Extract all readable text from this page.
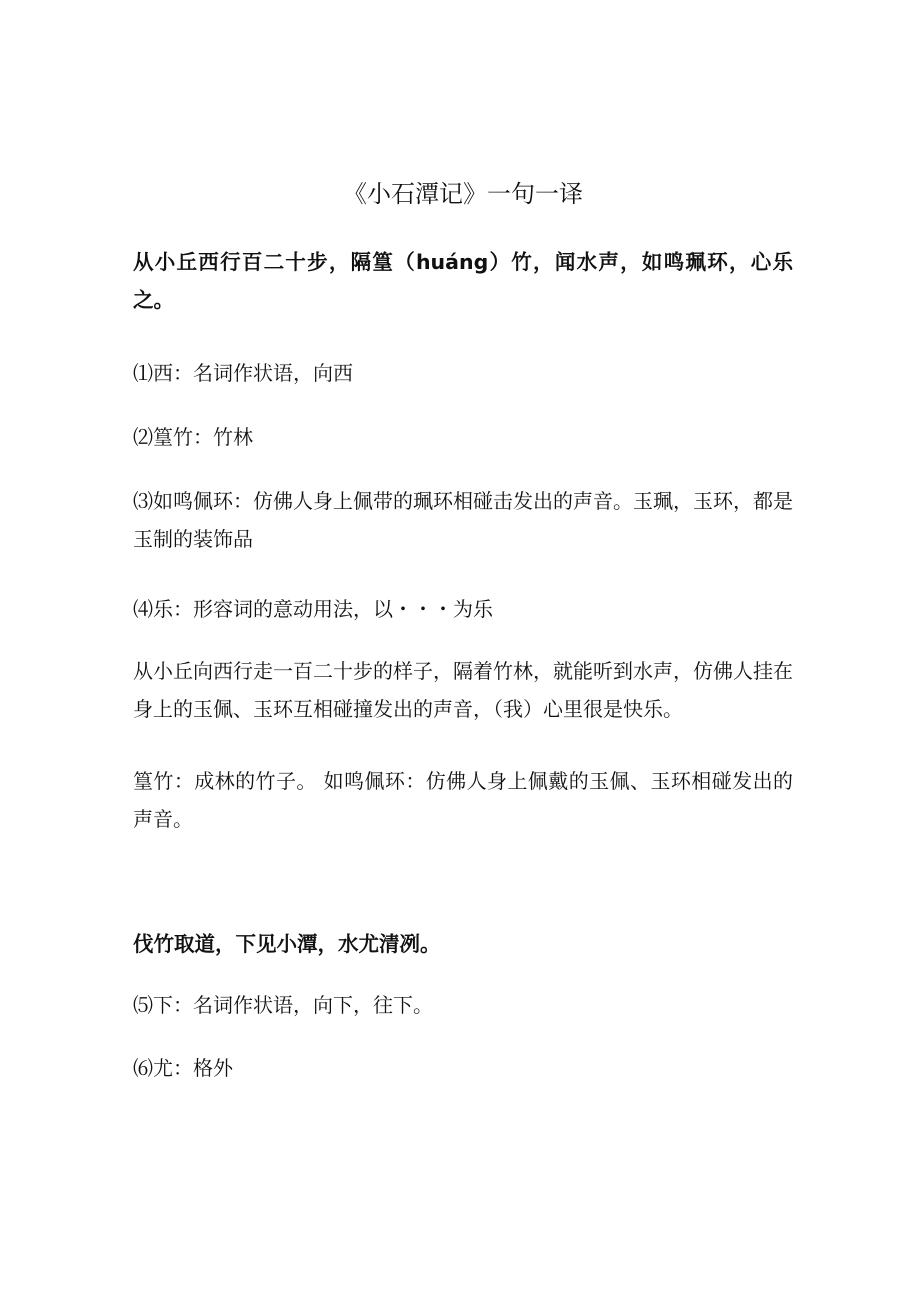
《小石潭记》一句一译

从小丘西行百二十步，隔篁（huáng）竹，闻水声，如鸣珮环，心乐之。

⑴西：名词作状语，向西

⑵篁竹：竹林

⑶如鸣佩环：仿佛人身上佩带的珮环相碰击发出的声音。玉珮，玉环，都是玉制的装饰品

⑷乐：形容词的意动用法，以・・・为乐

从小丘向西行走一百二十步的样子，隔着竹林，就能听到水声，仿佛人挂在身上的玉佩、玉环互相碰撞发出的声音，（我）心里很是快乐。

篁竹：成林的竹子。 如鸣佩环：仿佛人身上佩戴的玉佩、玉环相碰发出的声音。

伐竹取道，下见小潭，水尤清冽。

⑸下：名词作状语，向下，往下。

⑹尤：格外
